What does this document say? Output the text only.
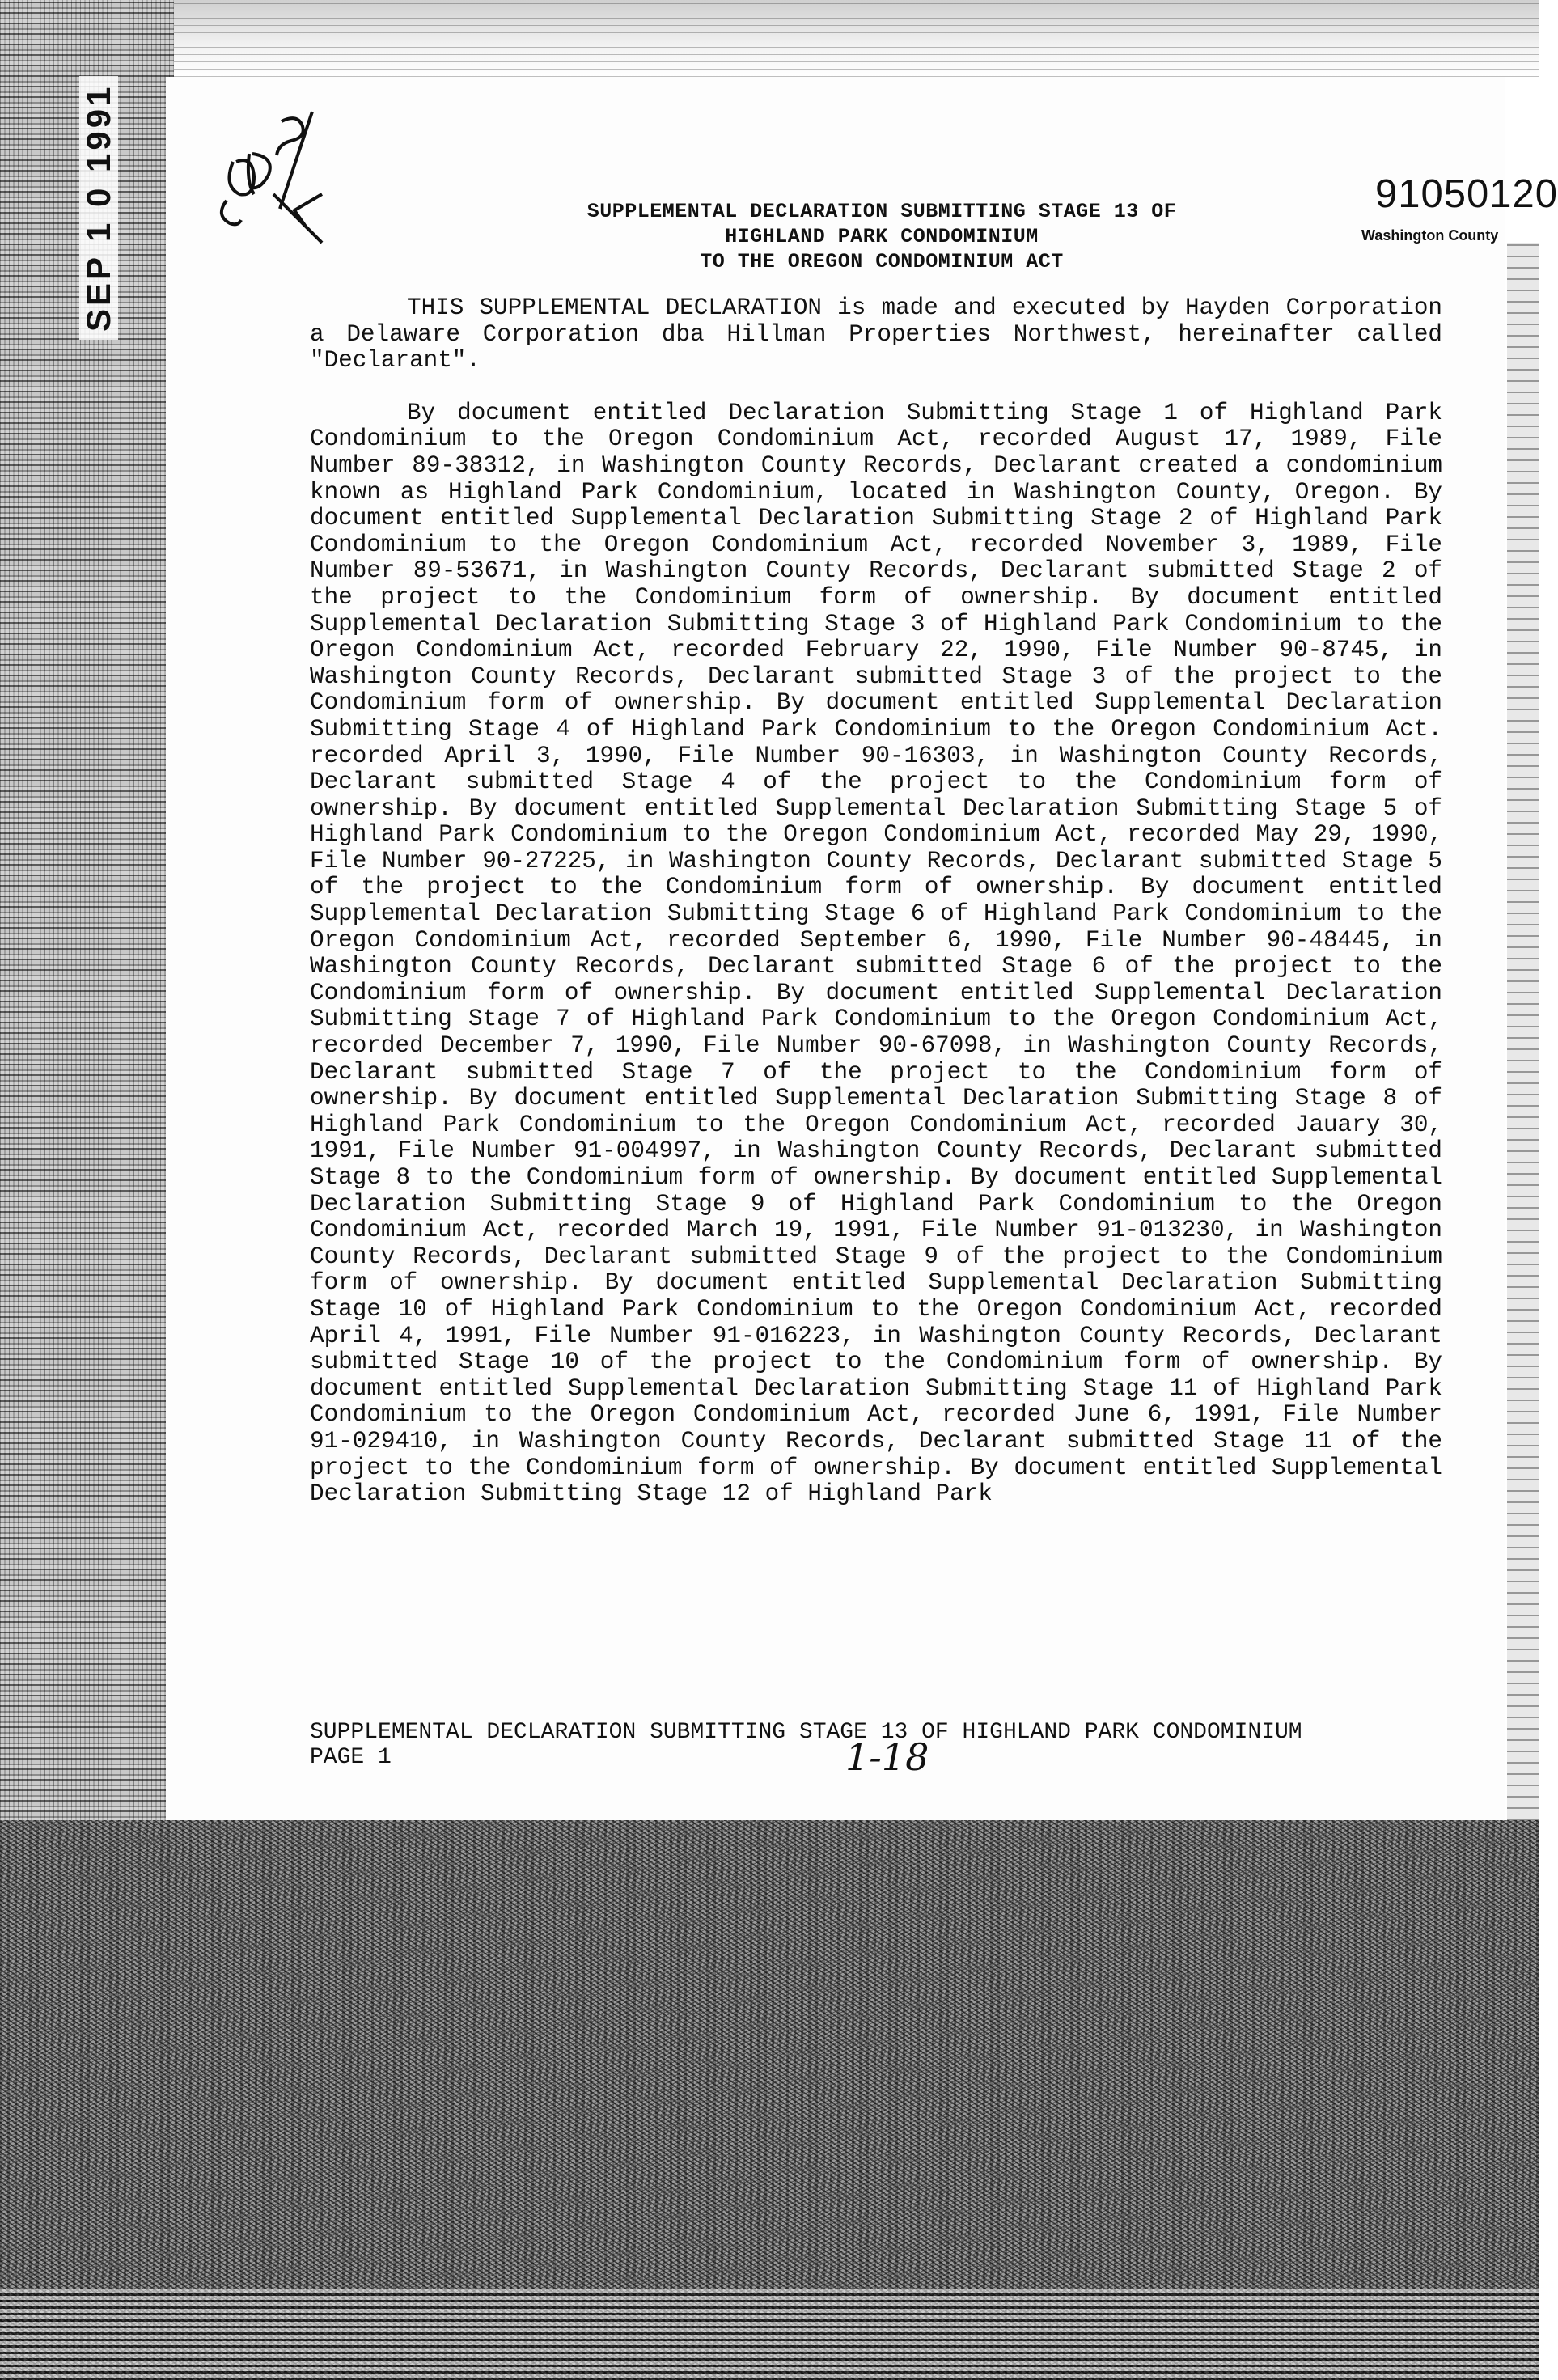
SEP 1 0 1991	SUPPLEMENTAL DECLARATION SUBMITTING STAGE 13 OF
HIGHLAND PARK CONDOMINIUM
TO THE OREGON CONDOMINIUM ACT
91050120
Washington County

THIS SUPPLEMENTAL DECLARATION is made and executed by Hayden Corporation a Delaware Corporation dba Hillman Properties Northwest, hereinafter called "Declarant".

By document entitled Declaration Submitting Stage 1 of Highland Park Condominium to the Oregon Condominium Act, recorded August 17, 1989, File Number 89-38312, in Washington County Records, Declarant created a condominium known as Highland Park Condominium, located in Washington County, Oregon. By document entitled Supplemental Declaration Submitting Stage 2 of Highland Park Condominium to the Oregon Condominium Act, recorded November 3, 1989, File Number 89-53671, in Washington County Records, Declarant submitted Stage 2 of the project to the Condominium form of ownership. By document entitled Supplemental Declaration Submitting Stage 3 of Highland Park Condominium to the Oregon Condominium Act, recorded February 22, 1990, File Number 90-8745, in Washington County Records, Declarant submitted Stage 3 of the project to the Condominium form of ownership. By document entitled Supplemental Declaration Submitting Stage 4 of Highland Park Condominium to the Oregon Condominium Act. recorded April 3, 1990, File Number 90-16303, in Washington County Records, Declarant submitted Stage 4 of the project to the Condominium form of ownership. By document entitled Supplemental Declaration Submitting Stage 5 of Highland Park Condominium to the Oregon Condominium Act, recorded May 29, 1990, File Number 90-27225, in Washington County Records, Declarant submitted Stage 5 of the project to the Condominium form of ownership. By document entitled Supplemental Declaration Submitting Stage 6 of Highland Park Condominium to the Oregon Condominium Act, recorded September 6, 1990, File Number 90-48445, in Washington County Records, Declarant submitted Stage 6 of the project to the Condominium form of ownership. By document entitled Supplemental Declaration Submitting Stage 7 of Highland Park Condominium to the Oregon Condominium Act, recorded December 7, 1990, File Number 90-67098, in Washington County Records, Declarant submitted Stage 7 of the project to the Condominium form of ownership. By document entitled Supplemental Declaration Submitting Stage 8 of Highland Park Condominium to the Oregon Condominium Act, recorded Jauary 30, 1991, File Number 91-004997, in Washington County Records, Declarant submitted Stage 8 to the Condominium form of ownership. By document entitled Supplemental Declaration Submitting Stage 9 of Highland Park Condominium to the Oregon Condominium Act, recorded March 19, 1991, File Number 91-013230, in Washington County Records, Declarant submitted Stage 9 of the project to the Condominium form of ownership. By document entitled Supplemental Declaration Submitting Stage 10 of Highland Park Condominium to the Oregon Condominium Act, recorded April 4, 1991, File Number 91-016223, in Washington County Records, Declarant submitted Stage 10 of the project to the Condominium form of ownership. By document entitled Supplemental Declaration Submitting Stage 11 of Highland Park Condominium to the Oregon Condominium Act, recorded June 6, 1991, File Number 91-029410, in Washington County Records, Declarant submitted Stage 11 of the project to the Condominium form of ownership. By document entitled Supplemental Declaration Submitting Stage 12 of Highland Park

SUPPLEMENTAL DECLARATION SUBMITTING STAGE 13 OF HIGHLAND PARK CONDOMINIUM
PAGE 1	1-18
